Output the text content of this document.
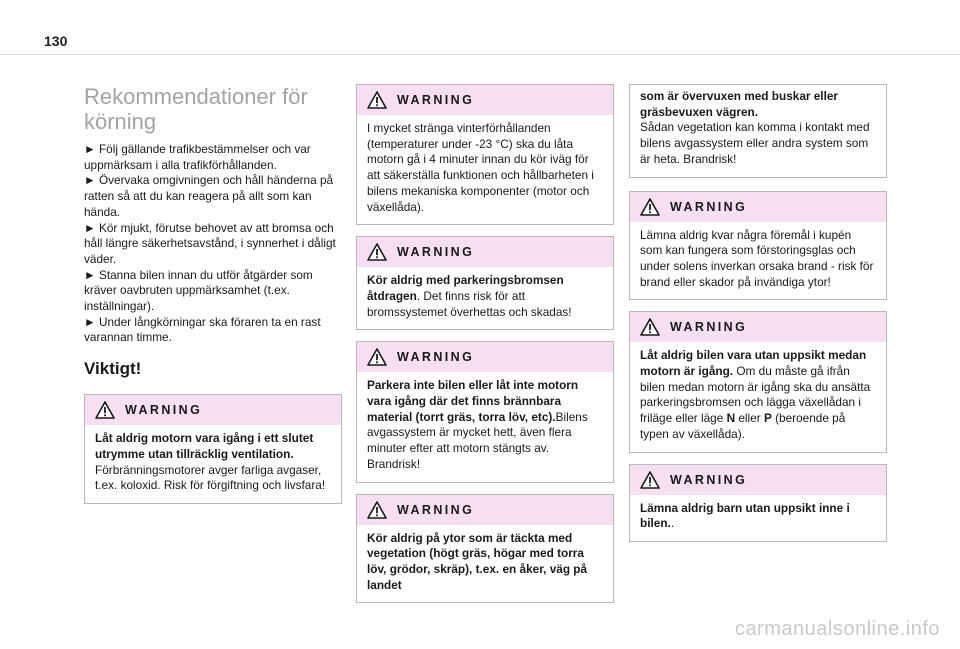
130
Rekommendationer för körning
► Följ gällande trafikbestämmelser och var uppmärksam i alla trafikförhållanden.
► Övervaka omgivningen och håll händerna på ratten så att du kan reagera på allt som kan hända.
► Kör mjukt, förutse behovet av att bromsa och håll längre säkerhetsavstånd, i synnerhet i dåligt väder.
► Stanna bilen innan du utför åtgärder som kräver oavbruten uppmärksamhet (t.ex. inställningar).
► Under långkörningar ska föraren ta en rast varannan timme.
Viktigt!
WARNING
Låt aldrig motorn vara igång i ett slutet utrymme utan tillräcklig ventilation.
Förbränningsmotorer avger farliga avgaser, t.ex. koloxid. Risk för förgiftning och livsfara!
WARNING
I mycket stränga vinterförhållanden (temperaturer under -23 °C) ska du låta motorn gå i 4 minuter innan du kör iväg för att säkerställa funktionen och hållbarheten i bilens mekaniska komponenter (motor och växellåda).
WARNING
Kör aldrig med parkeringsbromsen åtdragen. Det finns risk för att bromssystemet överhettas och skadas!
WARNING
Parkera inte bilen eller låt inte motorn vara igång där det finns brännbara material (torrt gräs, torra löv, etc).Bilens avgassystem är mycket hett, även flera minuter efter att motorn stängts av. Brandrisk!
WARNING
Kör aldrig på ytor som är täckta med vegetation (högt gräs, högar med torra löv, grödor, skräp), t.ex. en åker, väg på landet
som är övervuxen med buskar eller gräsbevuxen vägren.
Sådan vegetation kan komma i kontakt med bilens avgassystem eller andra system som är heta. Brandrisk!
WARNING
Lämna aldrig kvar några föremål i kupén som kan fungera som förstoringsglas och under solens inverkan orsaka brand - risk för brand eller skador på invändiga ytor!
WARNING
Låt aldrig bilen vara utan uppsikt medan motorn är igång. Om du måste gå ifrån bilen medan motorn är igång ska du ansätta parkeringsbromsen och lägga växellådan i friläge eller läge N eller P (beroende på typen av växellåda).
WARNING
Lämna aldrig barn utan uppsikt inne i bilen..
carmanualsonline.info
